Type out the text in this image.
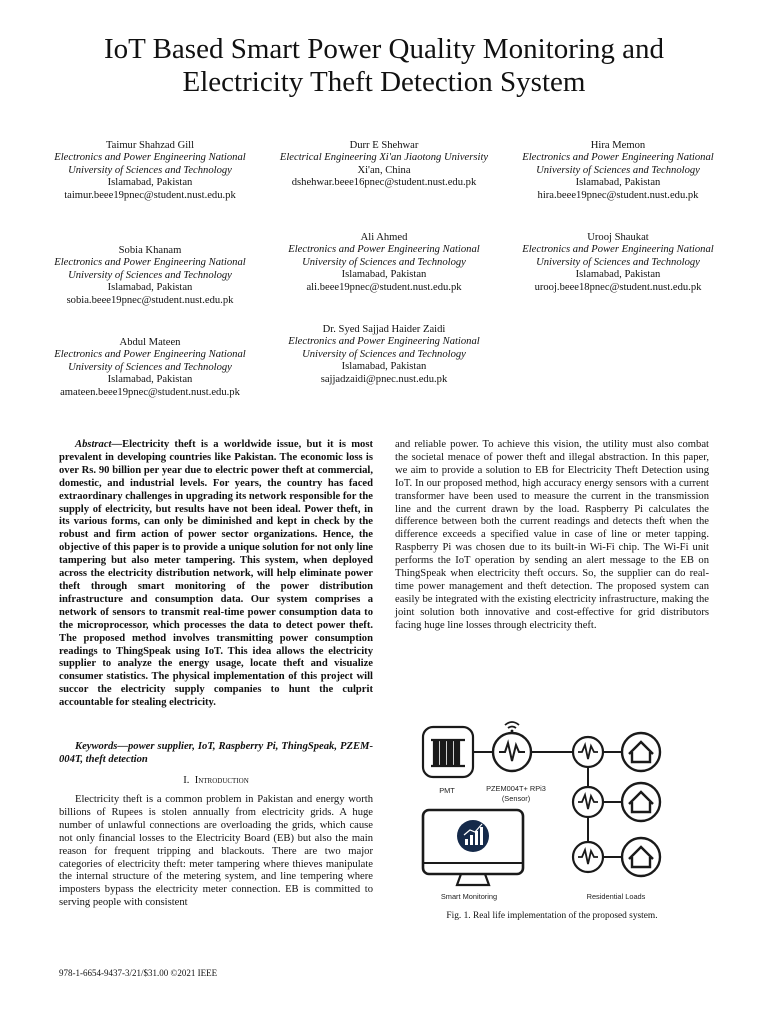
IoT Based Smart Power Quality Monitoring and
Electricity Theft Detection System
Taimur Shahzad Gill
Electronics and Power Engineering National University of Sciences and Technology
Islamabad, Pakistan
taimur.beee19pnec@student.nust.edu.pk
Durr E Shehwar
Electrical Engineering Xi'an Jiaotong University
Xi'an, China
dshehwar.beee16pnec@student.nust.edu.pk
Hira Memon
Electronics and Power Engineering National University of Sciences and Technology
Islamabad, Pakistan
hira.beee19pnec@student.nust.edu.pk
Sobia Khanam
Electronics and Power Engineering National University of Sciences and Technology
Islamabad, Pakistan
sobia.beee19pnec@student.nust.edu.pk
Ali Ahmed
Electronics and Power Engineering National University of Sciences and Technology
Islamabad, Pakistan
ali.beee19pnec@student.nust.edu.pk
Urooj Shaukat
Electronics and Power Engineering National University of Sciences and Technology
Islamabad, Pakistan
urooj.beee18pnec@student.nust.edu.pk
Abdul Mateen
Electronics and Power Engineering National University of Sciences and Technology
Islamabad, Pakistan
amateen.beee19pnec@student.nust.edu.pk
Dr. Syed Sajjad Haider Zaidi
Electronics and Power Engineering National University of Sciences and Technology
Islamabad, Pakistan
sajjadzaidi@pnec.nust.edu.pk

Abstract—Electricity theft is a worldwide issue, but it is most prevalent in developing countries like Pakistan. The economic loss is over Rs. 90 billion per year due to electric power theft at commercial, domestic, and industrial levels. For years, the country has faced extraordinary challenges in upgrading its network responsible for the supply of electricity, but results have not been ideal. Power theft, in its various forms, can only be diminished and kept in check by the robust and firm action of power sector organizations. Hence, the objective of this paper is to provide a unique solution for not only line tampering but also meter tampering. This system, when deployed across the electricity distribution network, will help eliminate power theft through smart monitoring of the power distribution infrastructure and consumption data. Our system comprises a network of sensors to transmit real-time power consumption data to the microprocessor, which processes the data to detect power theft. The proposed method involves transmitting power consumption readings to ThingSpeak using IoT. This idea allows the electricity supplier to analyze the energy usage, locate theft and visualize consumer statistics. The physical implementation of this project will succor the electricity supply companies to hunt the culprit accountable for stealing electricity.

Keywords—power supplier, IoT, Raspberry Pi, ThingSpeak, PZEM-004T, theft detection

I. Introduction

Electricity theft is a common problem in Pakistan and energy worth billions of Rupees is stolen annually from electricity grids. A huge number of unlawful connections are overloading the grids, which cause not only financial losses to the Electricity Board (EB) but also the main reason for frequent tripping and blackouts. There are two major categories of electricity theft: meter tampering where thieves manipulate the internal structure of the metering system, and line tempering where imposters bypass the electricity meter connection. EB is committed to serving people with consistent

and reliable power. To achieve this vision, the utility must also combat the societal menace of power theft and illegal abstraction. In this paper, we aim to provide a solution to EB for Electricity Theft Detection using IoT. In our proposed method, high accuracy energy sensors with a current transformer have been used to measure the current in the transmission line and the current drawn by the load. Raspberry Pi calculates the difference between both the current readings and detects theft when the difference exceeds a specified value in case of line or meter tapping. Raspberry Pi was chosen due to its built-in Wi-Fi chip. The Wi-Fi unit performs the IoT operation by sending an alert message to the EB on ThingSpeak when electricity theft occurs. So, the supplier can do real-time power management and theft detection. The proposed system can easily be integrated with the existing electricity infrastructure, making the joint solution both innovative and cost-effective for grid distributors facing huge line losses through electricity theft.

PMT	PZEM004T+ RPi3
(Sensor)
Smart Monitoring	Residential Loads
Fig. 1. Real life implementation of the proposed system.
978-1-6654-9437-3/21/$31.00 ©2021 IEEE
